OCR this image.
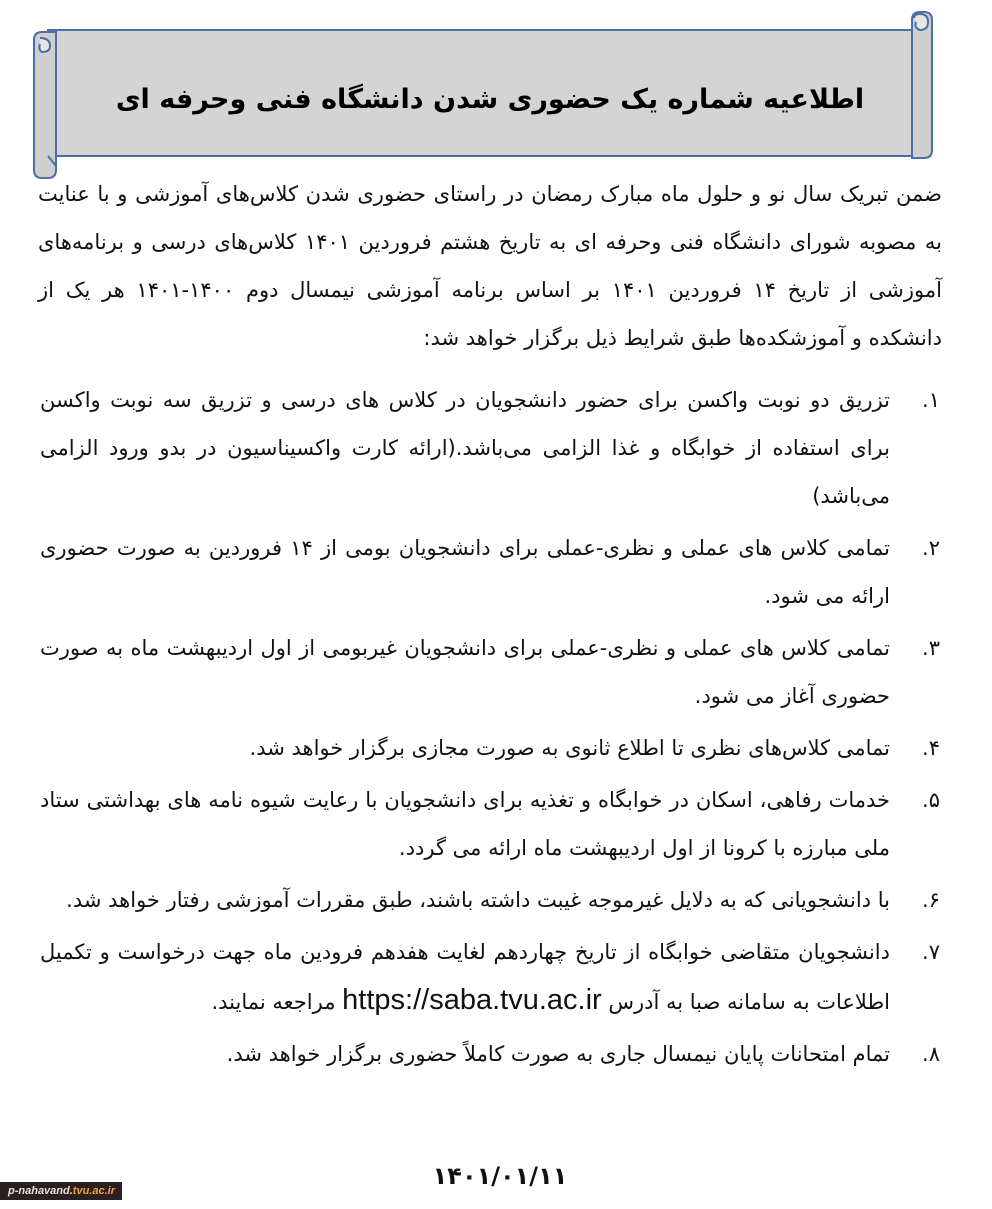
اطلاعیه شماره یک حضوری شدن دانشگاه فنی وحرفه ای

ضمن تبریک سال نو و حلول ماه مبارک رمضان در راستای حضوری شدن کلاس‌های آموزشی و با عنایت به مصوبه شورای دانشگاه فنی وحرفه ای به تاریخ هشتم فروردین ۱۴۰۱ کلاس‌های درسی و برنامه‌های آموزشی از تاریخ ۱۴ فروردین ۱۴۰۱ بر اساس برنامه آموزشی نیمسال دوم ۱۴۰۰-۱۴۰۱ هر یک از دانشکده و آموزشکده‌ها طبق شرایط ذیل برگزار خواهد شد:

۱.
تزریق دو نوبت واکسن برای حضور دانشجویان در کلاس های درسی و تزریق سه نوبت واکسن برای استفاده از خوابگاه و غذا الزامی می‌باشد.(ارائه کارت واکسیناسیون در بدو ورود الزامی می‌باشد)
۲.
تمامی کلاس های عملی و نظری-عملی برای دانشجویان بومی از ۱۴ فروردین به صورت حضوری ارائه می شود.
۳.
تمامی کلاس های عملی و نظری-عملی برای دانشجویان غیربومی از اول اردیبهشت ماه به صورت حضوری آغاز می شود.
۴.
تمامی کلاس‌های نظری تا اطلاع ثانوی به صورت مجازی برگزار خواهد شد.
۵.
خدمات رفاهی، اسکان در خوابگاه و تغذیه برای دانشجویان با رعایت شیوه نامه های بهداشتی ستاد ملی مبارزه با کرونا از اول اردیبهشت ماه ارائه می گردد.
۶.
با دانشجویانی که به دلایل غیرموجه غیبت داشته باشند، طبق مقررات آموزشی رفتار خواهد شد.
۷.
دانشجویان متقاضی خوابگاه از تاریخ چهاردهم لغایت هفدهم فرودین ماه جهت درخواست و تکمیل اطلاعات به سامانه صبا به آدرس https://saba.tvu.ac.ir مراجعه نمایند.
۸.
تمام امتحانات پایان نیمسال جاری به صورت کاملاً حضوری برگزار خواهد شد.
۱۴۰۱/۰۱/۱۱
p-nahavand.tvu.ac.ir
